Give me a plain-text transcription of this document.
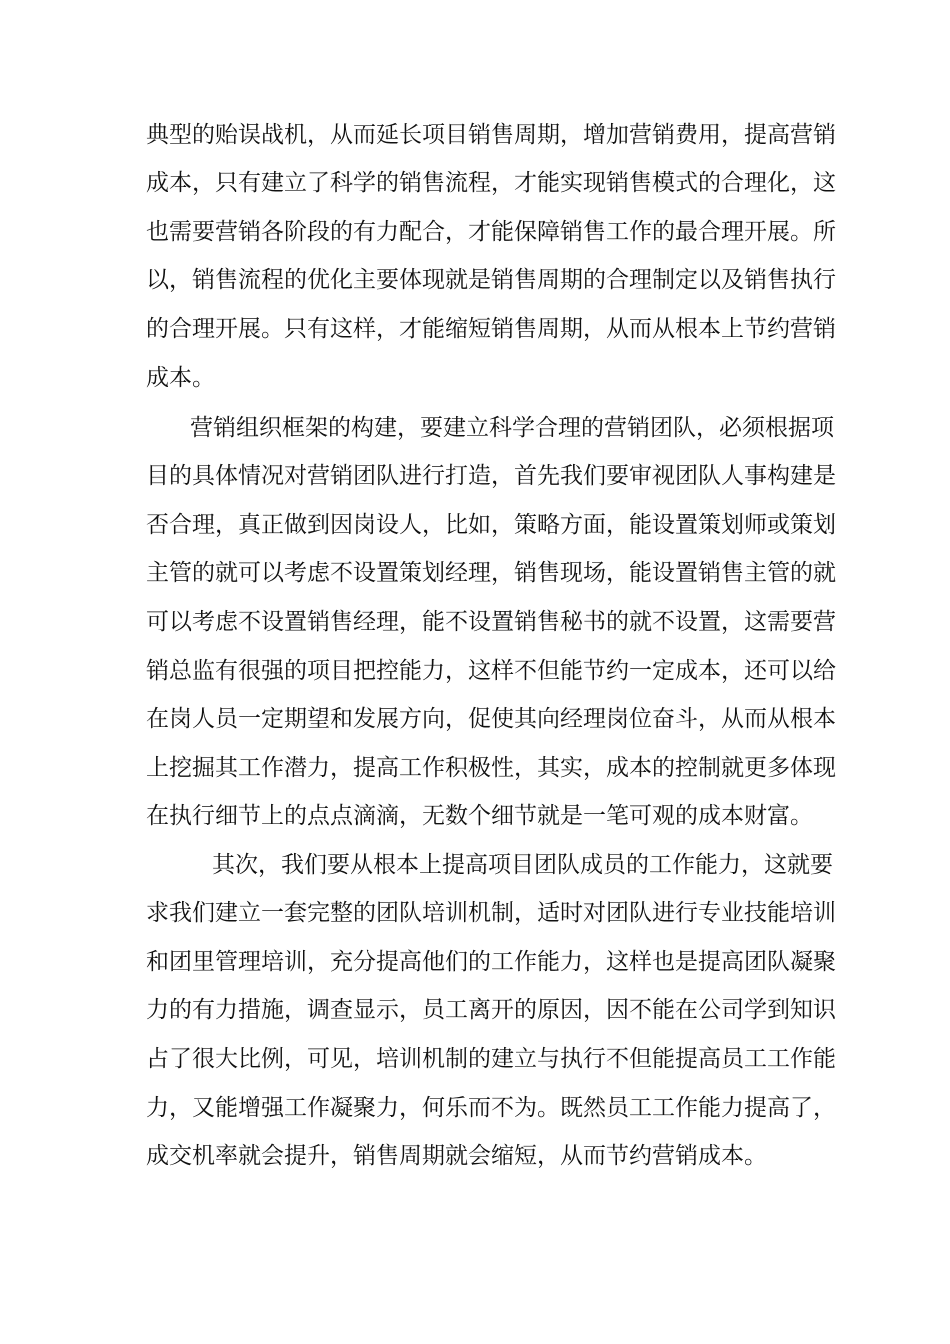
典型的贻误战机，从而延长项目销售周期，增加营销费用，提高营销
成本，只有建立了科学的销售流程，才能实现销售模式的合理化，这
也需要营销各阶段的有力配合，才能保障销售工作的最合理开展。所
以，销售流程的优化主要体现就是销售周期的合理制定以及销售执行
的合理开展。只有这样，才能缩短销售周期，从而从根本上节约营销
成本。
营销组织框架的构建，要建立科学合理的营销团队，必须根据项
目的具体情况对营销团队进行打造，首先我们要审视团队人事构建是
否合理，真正做到因岗设人，比如，策略方面，能设置策划师或策划
主管的就可以考虑不设置策划经理，销售现场，能设置销售主管的就
可以考虑不设置销售经理，能不设置销售秘书的就不设置，这需要营
销总监有很强的项目把控能力，这样不但能节约一定成本，还可以给
在岗人员一定期望和发展方向，促使其向经理岗位奋斗，从而从根本
上挖掘其工作潜力，提高工作积极性，其实，成本的控制就更多体现
在执行细节上的点点滴滴，无数个细节就是一笔可观的成本财富。
其次，我们要从根本上提高项目团队成员的工作能力，这就要
求我们建立一套完整的团队培训机制，适时对团队进行专业技能培训
和团里管理培训，充分提高他们的工作能力，这样也是提高团队凝聚
力的有力措施，调查显示，员工离开的原因，因不能在公司学到知识
占了很大比例，可见，培训机制的建立与执行不但能提高员工工作能
力，又能增强工作凝聚力，何乐而不为。既然员工工作能力提高了，
成交机率就会提升，销售周期就会缩短，从而节约营销成本。
